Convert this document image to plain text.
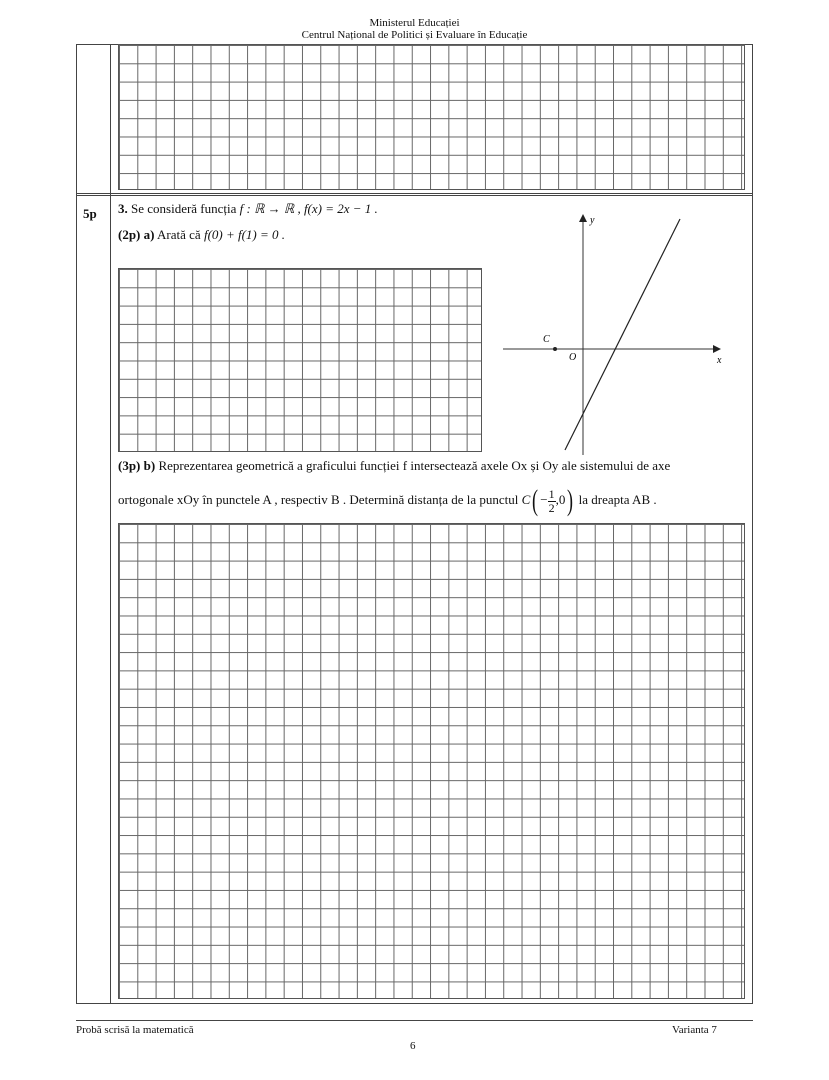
Ministerul Educației
Centrul Național de Politici și Evaluare în Educație
5p 3. Se consideră funcția f : ℝ → ℝ , f(x) = 2x − 1 .
(2p) a) Arată că f(0) + f(1) = 0 .
y
x
O
C
(3p) b) Reprezentarea geometrică a graficului funcției f intersectează axele Ox și Oy ale sistemului de axe
ortogonale xOy în punctele A , respectiv B . Determină distanța de la punctul $C( - \frac{1}{2} ,0)$ la dreapta AB .
Probă scrisă la matematică	Varianta 7
6
